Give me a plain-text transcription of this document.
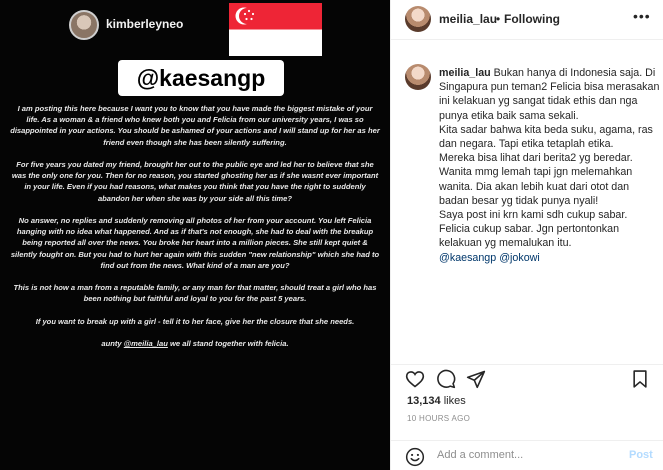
kimberleyneo
@kaesangp

I am posting this here because I want you to know that you have made the biggest mistake of your life. As a woman & a friend who knew both you and Felicia from our university years, I was so disappointed in your actions. You should be ashamed of your actions and I will stand up for her as her friend even though she has been silently suffering.

For five years you dated my friend, brought her out to the public eye and led her to believe that she was the only one for you. Then for no reason, you started ghosting her as if she wasnt ever important in your life. Even if you had reasons, what makes you think that you have the right to suddenly abandon her when she was by your side all this time?

No answer, no replies and suddenly removing all photos of her from your account. You left Felicia hanging with no idea what happened. And as if that's not enough, she had to deal with the breakup being reported all over the news. You broke her heart into a million pieces. She still kept quiet & silently fought on. But you had to hurt her again with this sudden "new relationship" which she had to find out from the news. What kind of a man are you?

This is not how a man from a reputable family, or any man for that matter, should treat a girl who has been nothing but faithful and loyal to you for the past 5 years.

If you want to break up with a girl - tell it to her face, give her the closure that she needs.

aunty @meilia_lau we all stand together with felicia.

meilia_lau
• Following	•••
meilia_lau Bukan hanya di Indonesia saja. Di Singapura pun teman2 Felicia bisa merasakan ini kelakuan yg sangat tidak ethis dan nga punya etika baik sama sekali.
Kita sadar bahwa kita beda suku, agama, ras dan negara. Tapi etika tetaplah etika.
Mereka bisa lihat dari berita2 yg beredar.
Wanita mmg lemah tapi jgn melemahkan wanita. Dia akan lebih kuat dari otot dan badan besar yg tidak punya nyali!
Saya post ini krn kami sdh cukup sabar. Felicia cukup sabar. Jgn pertontonkan kelakuan yg memalukan itu.
@kaesangp @jokowi
13,134 likes
10 HOURS AGO
Add a comment...
Post
